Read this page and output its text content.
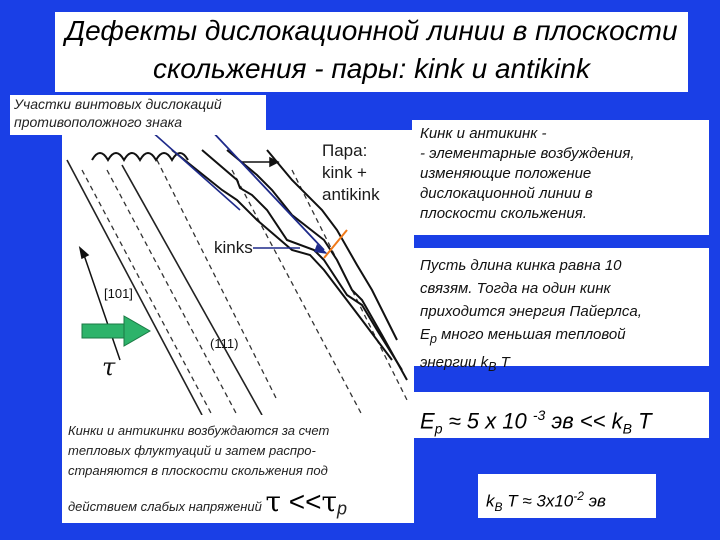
Дефекты дислокационной линии в плоскости
скольжения - пары: kink и antikink
[101]
(111)
τ
Пара:
kink +
antikink
kinks
Участки винтовых дислокаций
противоположного знака
Кинк и антикинк -
- элементарные возбуждения,
изменяющие положение
дислокационной линии в
плоскости скольжения.
Пусть длина кинка равна 10
связям. Тогда на один кинк
приходится энергия Пайерлса,
$E_p$ много меньшая тепловой
энергии $k_B$ T
$E_p \approx 5$ x 10 $^{-3}$ эв << $k_B$ T
Кинки и антикинки возбуждаются за счет
тепловых флуктуаций и затем распро-
страняются в плоскости скольжения под
действием слабых напряжений $\tau <<\tau_p$	$k_B$ $T \approx 3x10^{-2}$ эв
